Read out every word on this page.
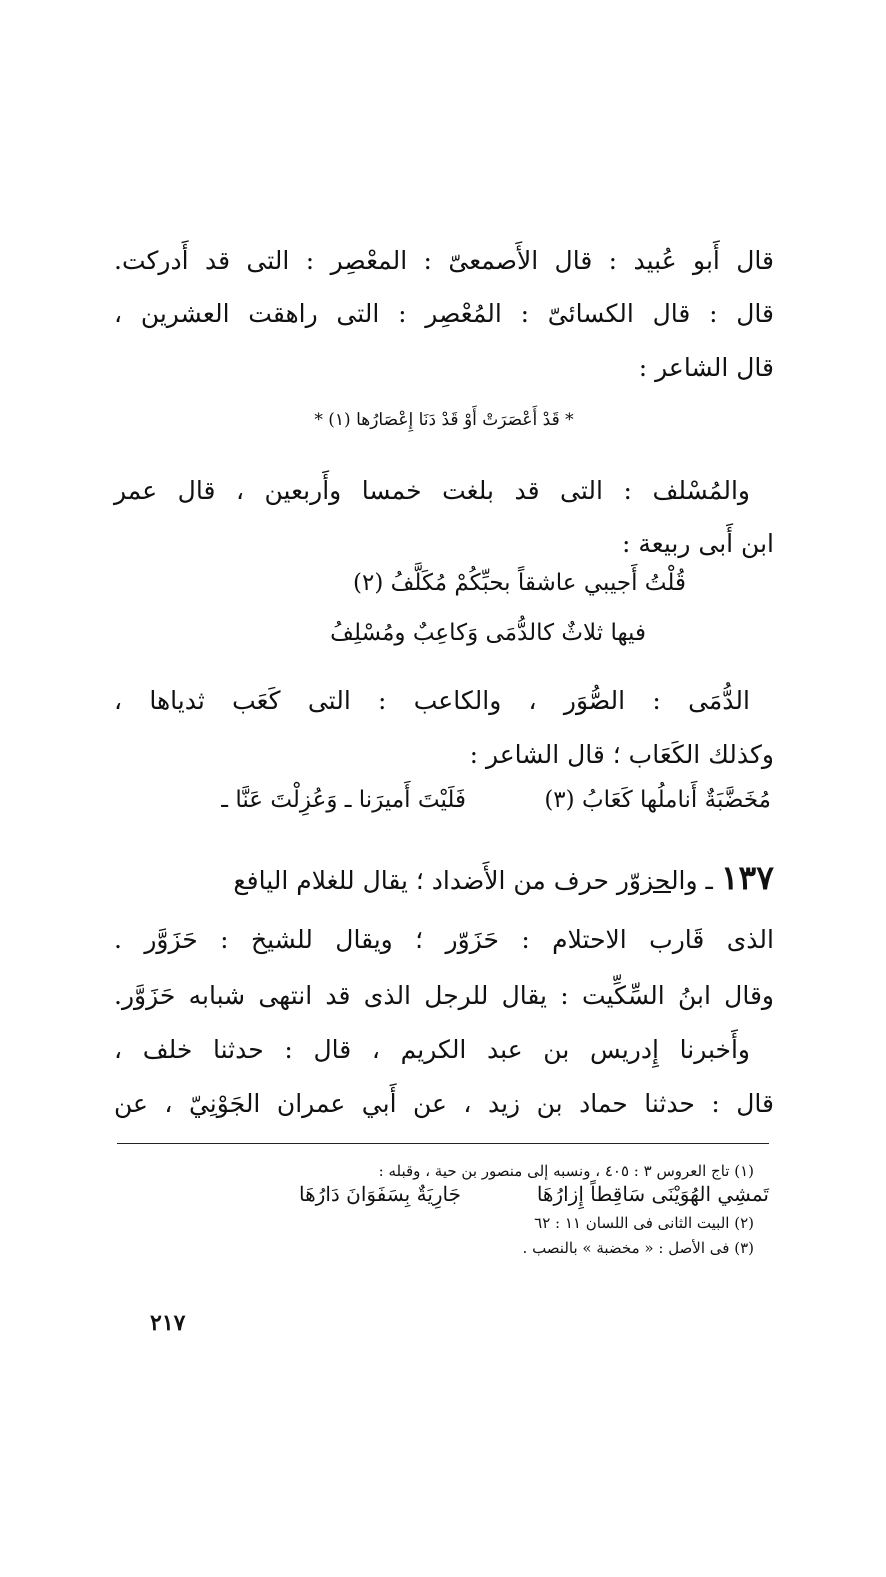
قال أَبو عُبيد : قال الأَصمعىّ : المعْصِر : التى قد أَدركت.
قال : قال الكسائىّ : المُعْصِر : التى راهقت العشرين ،
قال الشاعر :
* قَدْ أَعْصَرَتْ أَوْ قَدْ دَنَا إِعْصَارُها (١) *
والمُسْلف : التى قد بلغت خمسا وأَربعين ، قال عمر
ابن أَبى ربيعة :
قُلْتُ أَجيبي عاشقاً بحبِّكُمْ مُكَلَّفُ (٢)
فيها ثلاثٌ كالدُّمَى وَكاعِبٌ ومُسْلِفُ
الدُّمَى : الصُّوَر ، والكاعب : التى كَعَب ثدياها ،
وكذلك الكَعَاب ؛ قال الشاعر :
فَلَيْتَ أَميرَنا ـ وَعُزِلْتَ عَنَّا ـ	مُخَضَّبَةٌ أَناملُها كَعَابُ (٣)
١٣٧ ـ والحزوّر حرف من الأَضداد ؛ يقال للغلام اليافع
الذى قَارب الاحتلام : حَزَوّر ؛ ويقال للشيخ : حَزَوَّر .
وقال ابنُ السِّكِّيت : يقال للرجل الذى قد انتهى شبابه حَزَوَّر.
وأَخبرنا إِدريس بن عبد الكريم ، قال : حدثنا خلف ،
قال : حدثنا حماد بن زيد ، عن أَبي عمران الجَوْنِيّ ، عن
(١) تاج العروس ٣ : ٤٠٥ ، ونسبه إلى منصور بن حية ، وقبله :
جَارِيَةٌ بِسَفَوَانَ دَارُهَا	تَمشِي الهُوَيْنَى سَاقِطاً إِزارُهَا
(٢) البيت الثانى فى اللسان ١١ : ٦٢
(٣) فى الأصل : « مخضبة » بالنصب .
٢١٧
